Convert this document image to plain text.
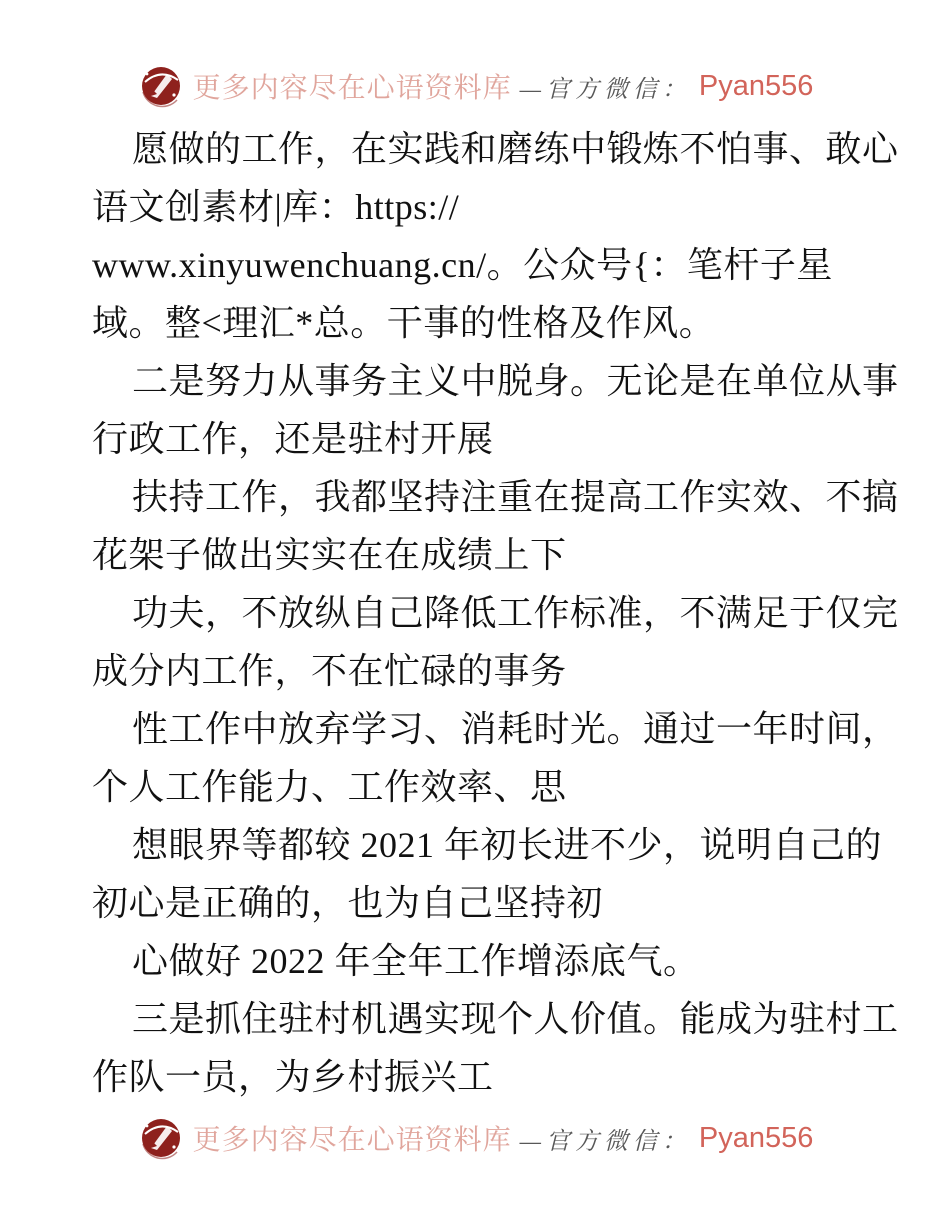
更多内容尽在心语资料库 —官方微信： Pyan556
愿做的工作，在实践和磨练中锻炼不怕事、敢心
语文创素材|库：https://
www.xinyuwenchuang.cn/。公众号{：笔杆子星
域。整<理汇*总。干事的性格及作风。
二是努力从事务主义中脱身。无论是在单位从事
行政工作，还是驻村开展
扶持工作，我都坚持注重在提高工作实效、不搞
花架子做出实实在在成绩上下
功夫，不放纵自己降低工作标准，不满足于仅完
成分内工作，不在忙碌的事务
性工作中放弃学习、消耗时光。通过一年时间，
个人工作能力、工作效率、思
想眼界等都较 2021 年初长进不少，说明自己的
初心是正确的，也为自己坚持初
心做好 2022 年全年工作增添底气。
三是抓住驻村机遇实现个人价值。能成为驻村工
作队一员，为乡村振兴工
更多内容尽在心语资料库 —官方微信： Pyan556
